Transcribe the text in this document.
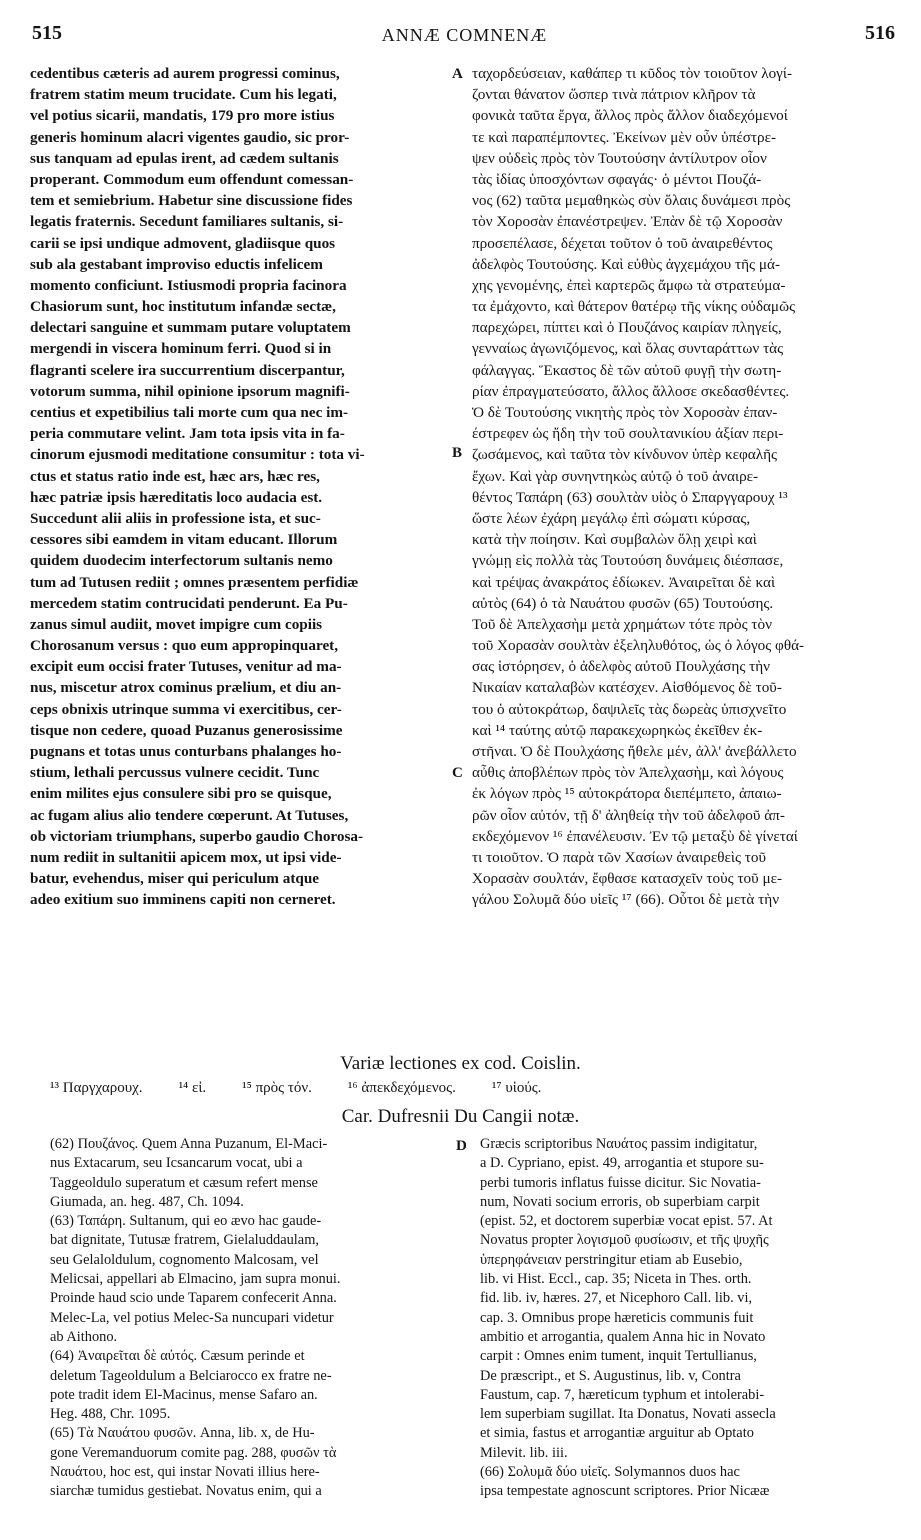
515	ANNÆ COMNENÆ	516
cedentibus cæteris ad aurem progressi cominus,
fratrem statim meum trucidate. Cum his legati,
vel potius sicarii, mandatis, 179 pro more istius
generis hominum alacri vigentes gaudio, sic pror-
sus tanquam ad epulas irent, ad cædem sultanis
properant. Commodum eum offendunt comessan-
tem et semiebrium. Habetur sine discussione fides
legatis fraternis. Secedunt familiares sultanis, si-
carii se ipsi undique admovent, gladiisque quos
sub ala gestabant improviso eductis infelicem
momento conficiunt. Istiusmodi propria facinora
Chasiorum sunt, hoc institutum infandæ sectæ,
delectari sanguine et summam putare voluptatem
mergendi in viscera hominum ferri. Quod si in
flagranti scelere ira succurrentium discerpantur,
votorum summa, nihil opinione ipsorum magnifi-
centius et expetibilius tali morte cum qua nec im-
peria commutare velint. Jam tota ipsis vita in fa-
cinorum ejusmodi meditatione consumitur : tota vi-
ctus et status ratio inde est, hæc ars, hæc res,
hæc patriæ ipsis hæreditatis loco audacia est.
Succedunt alii aliis in professione ista, et suc-
cessores sibi eamdem in vitam educant. Illorum
quidem duodecim interfectorum sultanis nemo
tum ad Tutusen rediit ; omnes præsentem perfidiæ
mercedem statim contrucidati penderunt. Ea Pu-
zanus simul audiit, movet impigre cum copiis
Chorosanum versus : quo eum appropinquaret,
excipit eum occisi frater Tutuses, venitur ad ma-
nus, miscetur atrox cominus prælium, et diu an-
ceps obnixis utrinque summa vi exercitibus, cer-
tisque non cedere, quoad Puzanus generosissime
pugnans et totas unus conturbans phalanges ho-
stium, lethali percussus vulnere cecidit. Tunc
enim milites ejus consulere sibi pro se quisque,
ac fugam alius alio tendere cœperunt. At Tutuses,
ob victoriam triumphans, superbo gaudio Chorosa-
num rediit in sultanitii apicem mox, ut ipsi vide-
batur, evehendus, miser qui periculum atque
adeo exitium suo imminens capiti non cerneret.
ταχορδεύσειαν, καθάπερ τι κῦδος τὸν τοιοῦτον λογί-
ζονται θάνατον ὥσπερ τινὰ πάτριον κλῆρον τὰ
φονικὰ ταῦτα ἔργα, ἄλλος πρὸς ἄλλον διαδεχόμενοί
τε καὶ παραπέμποντες. Ἐκείνων μὲν οὖν ὑπέστρε-
ψεν οὐδεὶς πρὸς τὸν Τουτούσην ἀντίλυτρον οἶον
τὰς ἰδίας ὑποσχόντων σφαγάς· ὁ μέντοι Πουζά-
νος (62) ταῦτα μεμαθηκὼς σὺν ὅλαις δυνάμεσι πρὸς
τὸν Χοροσὰν ἐπανέστρεψεν. Ἐπὰν δὲ τῷ Χοροσὰν
προσεπέλασε, δέχεται τοῦτον ὁ τοῦ ἀναιρεθέντος
ἀδελφὸς Τουτούσης. Καὶ εὐθὺς ἀγχεμάχου τῆς μά-
χης γενομένης, ἐπεὶ καρτερῶς ἄμφω τὰ στρατεύμα-
τα ἐμάχοντο, καὶ θάτερον θατέρῳ τῆς νίκης οὐδαμῶς
παρεχώρει, πίπτει καὶ ὁ Πουζάνος καιρίαν πληγείς,
γενναίως ἀγωνιζόμενος, καὶ ὅλας συνταράττων τὰς
φάλαγγας. Ἕκαστος δὲ τῶν αὐτοῦ φυγῇ τὴν σωτη-
ρίαν ἐπραγματεύσατο, ἄλλος ἄλλοσε σκεδασθέντες.
Ὁ δὲ Τουτούσης νικητὴς πρὸς τὸν Χοροσὰν ἐπαν-
έστρεφεν ὡς ἤδη τὴν τοῦ σουλτανικίου ἀξίαν περι-
ζωσάμενος, καὶ ταῦτα τὸν κίνδυνον ὑπὲρ κεφαλῆς
ἔχων. Καὶ γὰρ συνηντηκὼς αὐτῷ ὁ τοῦ ἀναιρε-
θέντος Ταπάρη (63) σουλτὰν υἱὸς ὁ Σπαργγαρουχ ¹³
ὥστε λέων ἐχάρη μεγάλῳ ἐπὶ σώματι κύρσας,
κατὰ τὴν ποίησιν. Καὶ συμβαλὼν ὅλῃ χειρὶ καὶ
γνώμῃ εἰς πολλὰ τὰς Τουτούση δυνάμεις διέσπασε,
καὶ τρέψας ἀνακράτος ἐδίωκεν. Ἀναιρεῖται δὲ καὶ
αὐτὸς (64) ὁ τὰ Ναυάτου φυσῶν (65) Τουτούσης.
Τοῦ δὲ Ἀπελχασὴμ μετὰ χρημάτων τότε πρὸς τὸν
τοῦ Χορασὰν σουλτὰν ἐξεληλυθότος, ὡς ὁ λόγος φθά-
σας ἱστόρησεν, ὁ ἀδελφὸς αὐτοῦ Πουλχάσης τὴν
Νικαίαν καταλαβὼν κατέσχεν. Αἰσθόμενος δὲ τοῦ-
του ὁ αὐτοκράτωρ, δαψιλεῖς τὰς δωρεὰς ὑπισχνεῖτο
καὶ ¹⁴ ταύτης αὐτῷ παρακεχωρηκὼς ἐκεῖθεν ἐκ-
στῆναι. Ὁ δὲ Πουλχάσης ἤθελε μέν, ἀλλ' ἀνεβάλλετο
αὖθις ἀποβλέπων πρὸς τὸν Ἀπελχασὴμ, καὶ λόγους
ἐκ λόγων πρὸς ¹⁵ αὐτοκράτορα διεπέμπετο, ἀπαιω-
ρῶν οἷον αὐτόν, τῇ δ' ἀληθείᾳ τὴν τοῦ ἀδελφοῦ ἀπ-
εκδεχόμενον ¹⁶ ἐπανέλευσιν. Ἐν τῷ μεταξὺ δὲ γίνεταί
τι τοιοῦτον. Ὁ παρὰ τῶν Χασίων ἀναιρεθεὶς τοῦ
Χορασὰν σουλτάν, ἔφθασε κατασχεῖν τοὺς τοῦ με-
γάλου Σολυμᾶ δύο υἱεῖς ¹⁷ (66). Οὗτοι δὲ μετὰ τὴν
A
B
C
D
Variæ lectiones ex cod. Coislin.
¹³ Παργχαρουχ. ¹⁴ εἰ. ¹⁵ πρὸς τόν. ¹⁶ ἀπεκδεχόμενος. ¹⁷ υἱούς.
Car. Dufresnii Du Cangii notæ.
(62) Πουζάνος. Quem Anna Puzanum, El-Maci-
nus Extacarum, seu Icsancarum vocat, ubi a
Taggeoldulo superatum et cæsum refert mense
Giumada, an. heg. 487, Ch. 1094.
(63) Ταπάρη. Sultanum, qui eo ævo hac gaude-
bat dignitate, Tutusæ fratrem, Gielaluddaulam,
seu Gelaloldulum, cognomento Malcosam, vel
Melicsai, appellari ab Elmacino, jam supra monui.
Proinde haud scio unde Taparem confecerit Anna.
Melec-La, vel potius Melec-Sa nuncupari videtur
ab Aithono.
(64) Ἀναιρεῖται δὲ αὐτός. Cæsum perinde et
deletum Tageoldulum a Belciarocco ex fratre ne-
pote tradit idem El-Macinus, mense Safaro an.
Heg. 488, Chr. 1095.
(65) Τὰ Ναυάτου φυσῶν. Anna, lib. x, de Hu-
gone Veremanduorum comite pag. 288, φυσῶν τὰ
Ναυάτου, hoc est, qui instar Novati illius here-
siarchæ tumidus gestiebat. Novatus enim, qui a
Græcis scriptoribus Ναυάτος passim indigitatur,
a D. Cypriano, epist. 49, arrogantia et stupore su-
perbi tumoris inflatus fuisse dicitur. Sic Novatia-
num, Novati socium erroris, ob superbiam carpit
(epist. 52, et doctorem superbiæ vocat epist. 57. At
Novatus propter λογισμοῦ φυσίωσιν, et τῆς ψυχῆς
ὑπερηφάνειαν perstringitur etiam ab Eusebio,
lib. vi Hist. Eccl., cap. 35; Niceta in Thes. orth.
fid. lib. iv, hæres. 27, et Nicephoro Call. lib. vi,
cap. 3. Omnibus prope hæreticis communis fuit
ambitio et arrogantia, qualem Anna hic in Novato
carpit : Omnes enim tument, inquit Tertullianus,
De præscript., et S. Augustinus, lib. v, Contra
Faustum, cap. 7, hæreticum typhum et intolerabi-
lem superbiam sugillat. Ita Donatus, Novati assecla
et simia, fastus et arrogantiæ arguitur ab Optato
Milevit. lib. iii.
(66) Σολυμᾶ δύο υἱεῖς. Solymannos duos hac
ipsa tempestate agnoscunt scriptores. Prior Nicææ
